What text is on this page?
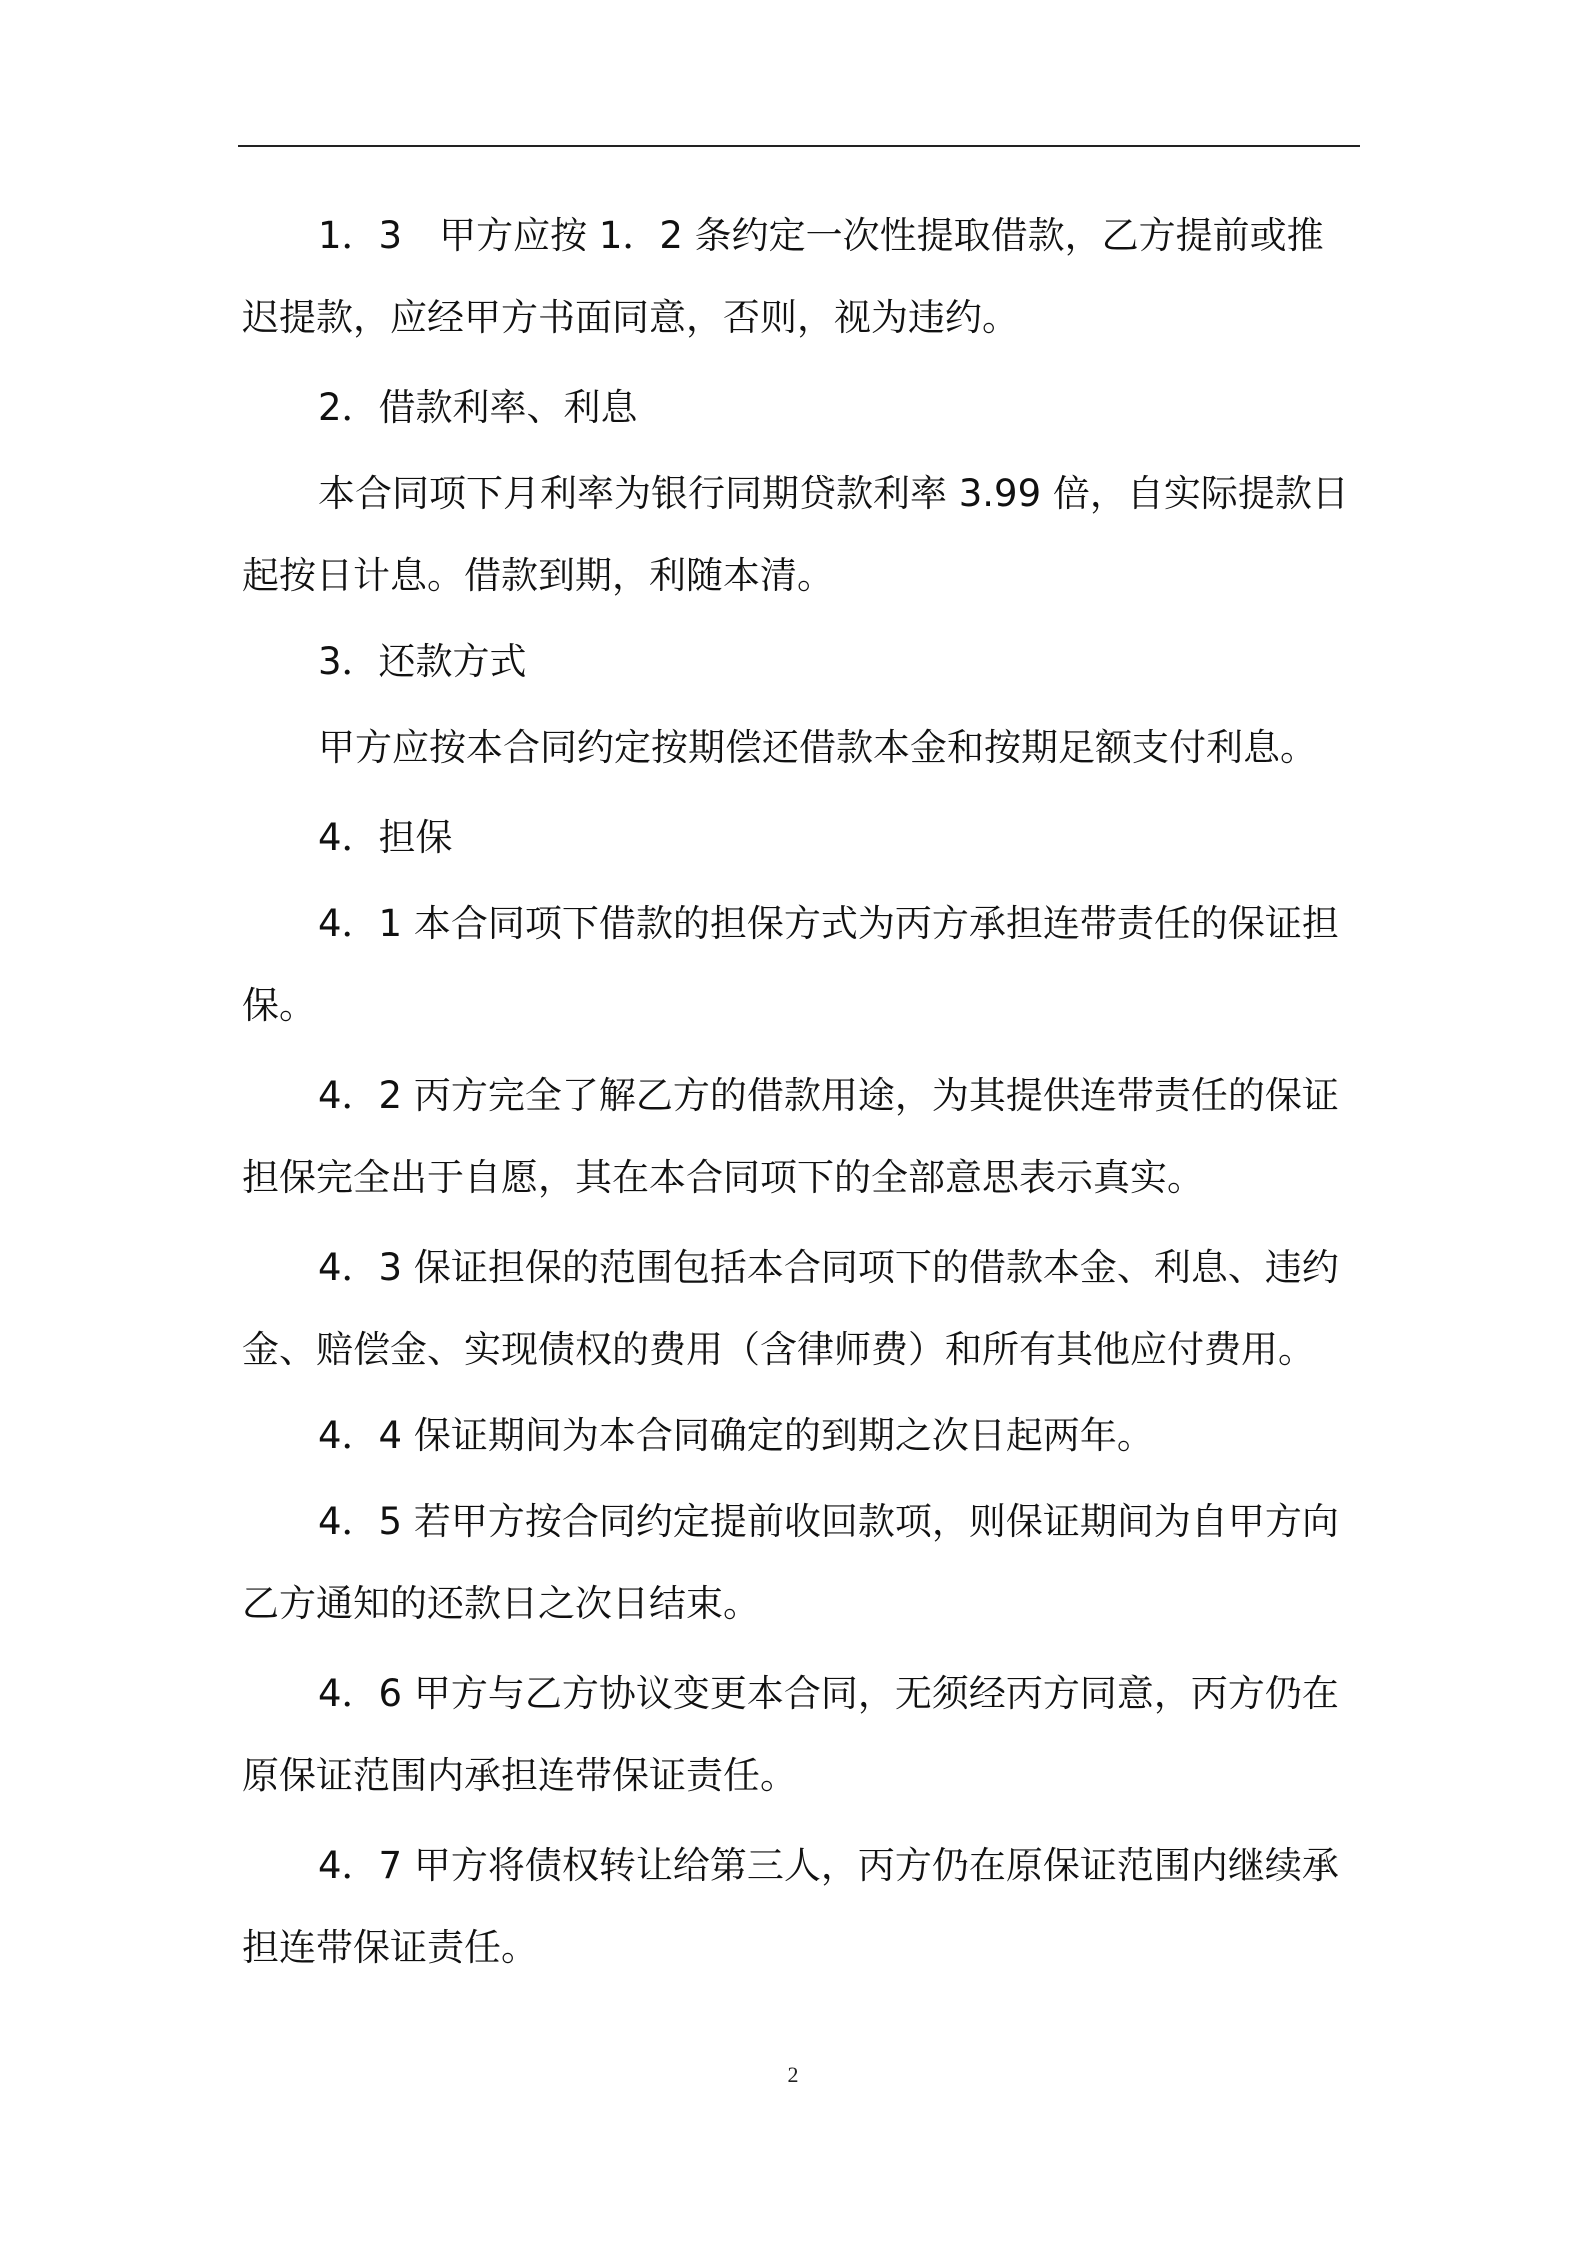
1．3　甲方应按 1．2 条约定一次性提取借款，乙方提前或推迟提款，应经甲方书面同意，否则，视为违约。

2．借款利率、利息

本合同项下月利率为银行同期贷款利率 3.99 倍，自实际提款日起按日计息。借款到期，利随本清。

3．还款方式

甲方应按本合同约定按期偿还借款本金和按期足额支付利息。

4．担保

4．1 本合同项下借款的担保方式为丙方承担连带责任的保证担保。

4．2 丙方完全了解乙方的借款用途，为其提供连带责任的保证担保完全出于自愿，其在本合同项下的全部意思表示真实。

4．3 保证担保的范围包括本合同项下的借款本金、利息、违约金、赔偿金、实现债权的费用（含律师费）和所有其他应付费用。

4．4 保证期间为本合同确定的到期之次日起两年。

4．5 若甲方按合同约定提前收回款项，则保证期间为自甲方向乙方通知的还款日之次日结束。

4．6 甲方与乙方协议变更本合同，无须经丙方同意，丙方仍在原保证范围内承担连带保证责任。

4．7 甲方将债权转让给第三人，丙方仍在原保证范围内继续承担连带保证责任。

2
